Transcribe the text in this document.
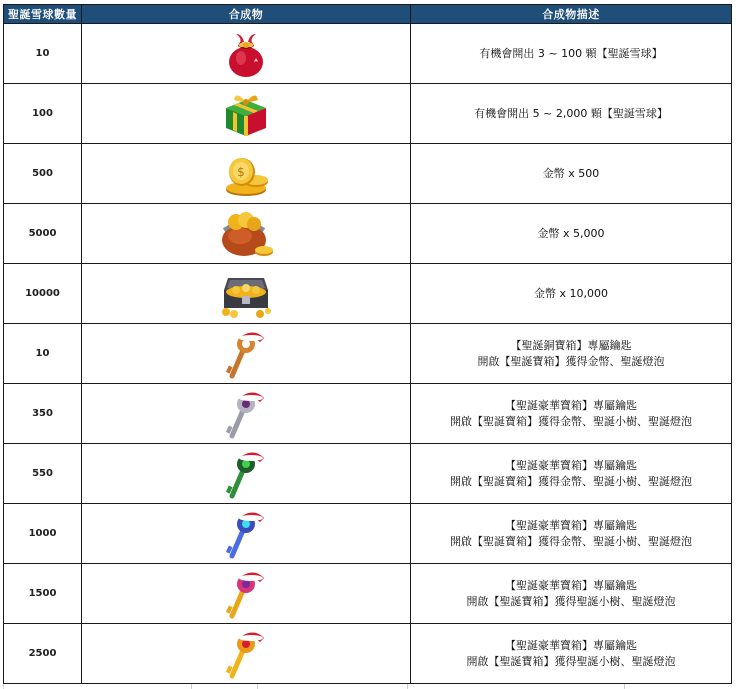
聖誕雪球數量	合成物	合成物描述
10		有機會開出 3 ~ 100 顆【聖誕雪球】

100		有機會開出 5 ~ 2,000 顆【聖誕雪球】

500	$	金幣 x 500

5000		金幣 x 5,000

10000		金幣 x 10,000

10		【聖誕銅寶箱】專屬鑰匙
開啟【聖誕寶箱】獲得金幣、聖誕燈泡

350		【聖誕豪華寶箱】專屬鑰匙
開啟【聖誕寶箱】獲得金幣、聖誕小樹、聖誕燈泡

550		【聖誕豪華寶箱】專屬鑰匙
開啟【聖誕寶箱】獲得金幣、聖誕小樹、聖誕燈泡

1000		【聖誕豪華寶箱】專屬鑰匙
開啟【聖誕寶箱】獲得金幣、聖誕小樹、聖誕燈泡

1500		【聖誕豪華寶箱】專屬鑰匙
開啟【聖誕寶箱】獲得聖誕小樹、聖誕燈泡

2500		【聖誕豪華寶箱】專屬鑰匙
開啟【聖誕寶箱】獲得聖誕小樹、聖誕燈泡
